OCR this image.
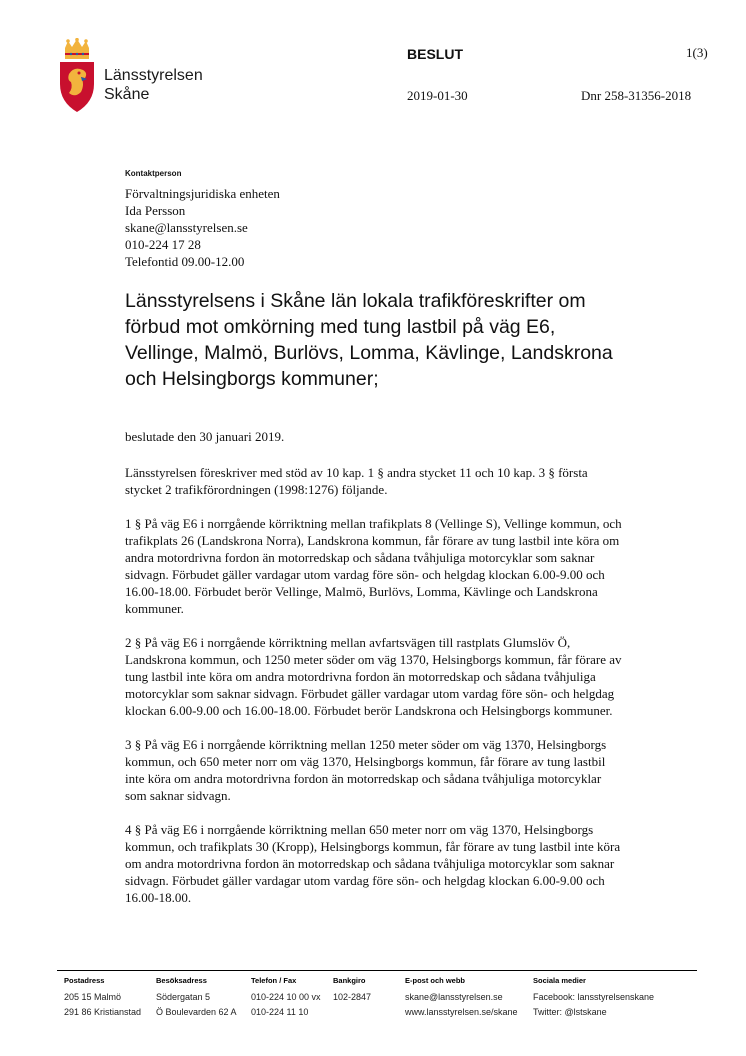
Länsstyrelsen
Skåne
BESLUT	1(3)
2019-01-30	Dnr 258-31356-2018
Kontaktperson
Förvaltningsjuridiska enheten
Ida Persson
skane@lansstyrelsen.se
010-224 17 28
Telefontid 09.00-12.00
Länsstyrelsens i Skåne län lokala trafikföreskrifter om förbud mot omkörning med tung lastbil på väg E6, Vellinge, Malmö, Burlövs, Lomma, Kävlinge, Landskrona och Helsingborgs kommuner;

beslutade den 30 januari 2019.

Länsstyrelsen föreskriver med stöd av 10 kap. 1 § andra stycket 11 och 10 kap. 3 § första stycket 2 trafikförordningen (1998:1276) följande.

1 § På väg E6 i norrgående körriktning mellan trafikplats 8 (Vellinge S), Vellinge kommun, och trafikplats 26 (Landskrona Norra), Landskrona kommun, får förare av tung lastbil inte köra om andra motordrivna fordon än motorredskap och sådana tvåhjuliga motorcyklar som saknar sidvagn. Förbudet gäller vardagar utom vardag före sön- och helgdag klockan 6.00-9.00 och 16.00-18.00. Förbudet berör Vellinge, Malmö, Burlövs, Lomma, Kävlinge och Landskrona kommuner.

2 § På väg E6 i norrgående körriktning mellan avfartsvägen till rastplats Glumslöv Ö, Landskrona kommun, och 1250 meter söder om väg 1370, Helsingborgs kommun, får förare av tung lastbil inte köra om andra motordrivna fordon än motorredskap och sådana tvåhjuliga motorcyklar som saknar sidvagn. Förbudet gäller vardagar utom vardag före sön- och helgdag klockan 6.00-9.00 och 16.00-18.00. Förbudet berör Landskrona och Helsingborgs kommuner.

3 § På väg E6 i norrgående körriktning mellan 1250 meter söder om väg 1370, Helsingborgs kommun, och 650 meter norr om väg 1370, Helsingborgs kommun, får förare av tung lastbil inte köra om andra motordrivna fordon än motorredskap och sådana tvåhjuliga motorcyklar som saknar sidvagn.

4 § På väg E6 i norrgående körriktning mellan 650 meter norr om väg 1370, Helsingborgs kommun, och trafikplats 30 (Kropp), Helsingborgs kommun, får förare av tung lastbil inte köra om andra motordrivna fordon än motorredskap och sådana tvåhjuliga motorcyklar som saknar sidvagn. Förbudet gäller vardagar utom vardag före sön- och helgdag klockan 6.00-9.00 och 16.00-18.00.

Postadress
205 15 Malmö
291 86 Kristianstad
Besöksadress
Södergatan 5
Ö Boulevarden 62 A
Telefon / Fax
010-224 10 00 vx
010-224 11 10
Bankgiro
102-2847
E-post och webb
skane@lansstyrelsen.se
www.lansstyrelsen.se/skane
Sociala medier
Facebook: lansstyrelsenskane
Twitter: @lstskane
